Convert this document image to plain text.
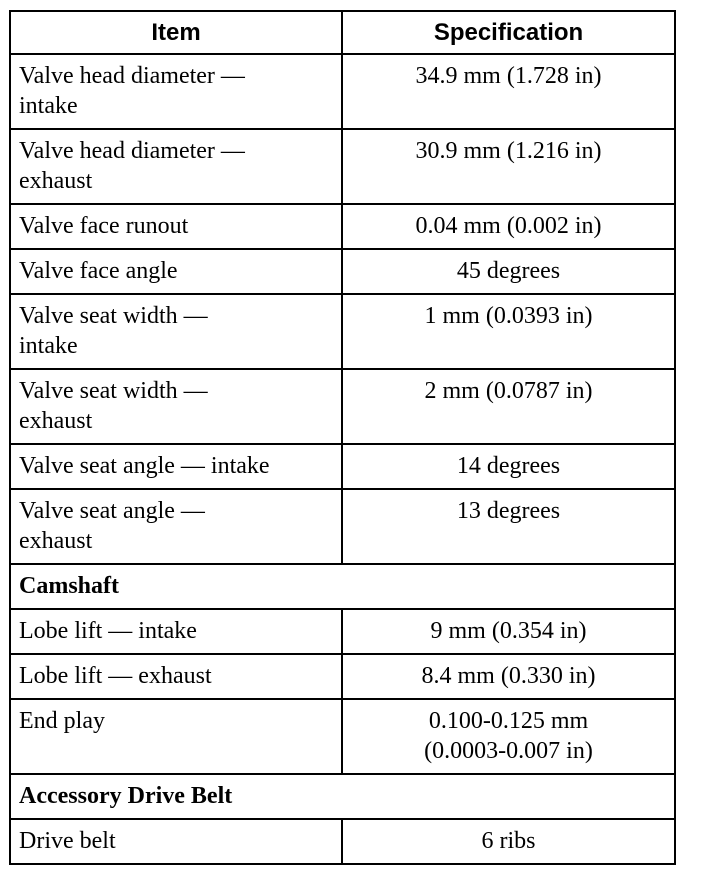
Item	Specification

Valve head diameter —
intake	34.9 mm (1.728 in)

Valve head diameter —
exhaust	30.9 mm (1.216 in)

Valve face runout	0.04 mm (0.002 in)

Valve face angle	45 degrees

Valve seat width —
intake	1 mm (0.0393 in)

Valve seat width —
exhaust	2 mm (0.0787 in)

Valve seat angle — intake	14 degrees

Valve seat angle —
exhaust	13 degrees

Camshaft	

Lobe lift — intake	9 mm (0.354 in)

Lobe lift — exhaust	8.4 mm (0.330 in)

End play	0.100-0.125 mm
(0.0003-0.007 in)

Accessory Drive Belt	

Drive belt	6 ribs
